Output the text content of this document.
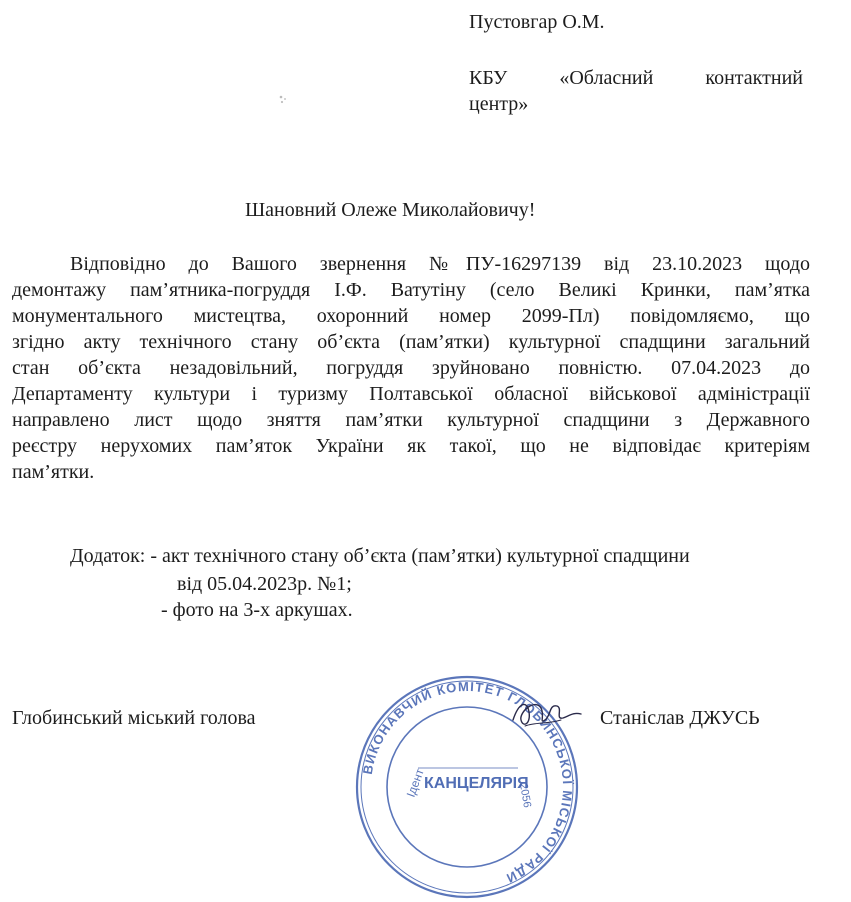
Пустовгар О.М.
КБУ	«Обласний	контактний
центр»
Шановний Олеже Миколайовичу!
Відповідно до Вашого звернення №ПУ-16297139 від 23.10.2023 щодо
демонтажу пам’ятника-погруддя І.Ф. Ватутіну (село Великі Кринки, пам’ятка
монументального мистецтва, охоронний номер 2099-Пл) повідомляємо, що
згідно акту технічного стану об’єкта (пам’ятки) культурної спадщини загальний
стан об’єкта незадовільний, погруддя зруйновано повністю. 07.04.2023 до
Департаменту культури і туризму Полтавської обласної військової адміністрації
направлено лист щодо зняття пам’ятки культурної спадщини з Державного
реєстру нерухомих пам’яток України як такої, що не відповідає критеріям
пам’ятки.
Додаток: - акт технічного стану об’єкта (пам’ятки) культурної спадщини
від 05.04.2023р. №1;
- фото на 3-х аркушах.
ВИКОНАВЧИЙ КОМІТЕТ ГЛОБИНСЬКОЇ МІСЬКОЇ РАДИ
Ідент
КАНЦЕЛЯРІЯ
2056
Глобинський міський голова	Станіслав ДЖУСЬ
